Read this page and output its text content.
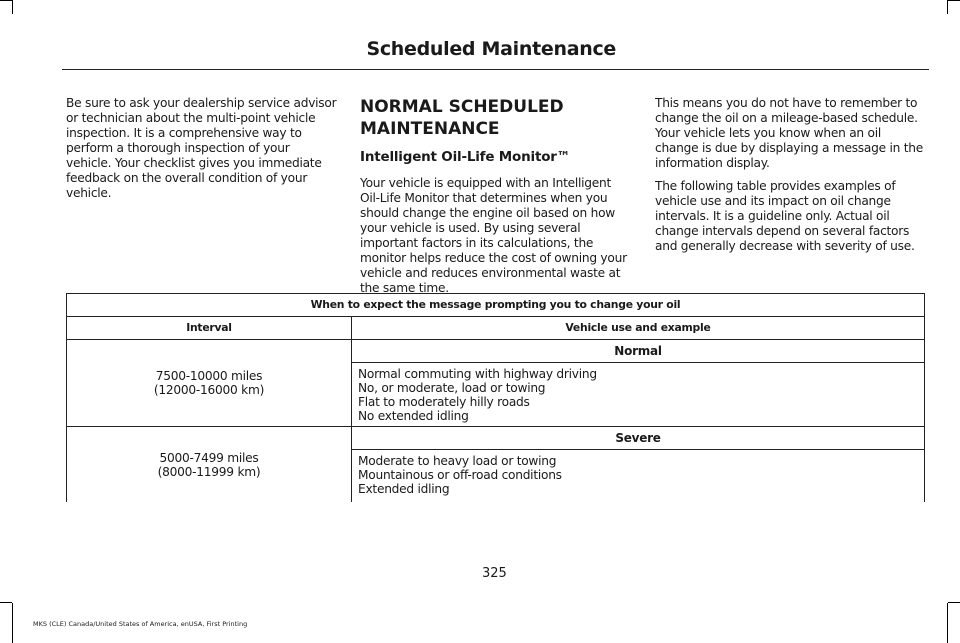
Scheduled Maintenance

Be sure to ask your dealership service advisor or technician about the multi-point vehicle inspection. It is a comprehensive way to perform a thorough inspection of your vehicle. Your checklist gives you immediate feedback on the overall condition of your vehicle.

NORMAL SCHEDULED MAINTENANCE
Intelligent Oil-Life Monitor™

Your vehicle is equipped with an Intelligent Oil-Life Monitor that determines when you should change the engine oil based on how your vehicle is used. By using several important factors in its calculations, the monitor helps reduce the cost of owning your vehicle and reduces environmental waste at the same time.

This means you do not have to remember to change the oil on a mileage-based schedule. Your vehicle lets you know when an oil change is due by displaying a message in the information display.

The following table provides examples of vehicle use and its impact on oil change intervals. It is a guideline only. Actual oil change intervals depend on several factors and generally decrease with severity of use.

When to expect the message prompting you to change your oil	
Interval	Vehicle use and example

7500-10000 miles
(12000-16000 km)	Normal

	Normal commuting with highway driving
No, or moderate, load or towing
Flat to moderately hilly roads
No extended idling

5000-7499 miles
(8000-11999 km)	Severe

	Moderate to heavy load or towing
Mountainous or off-road conditions
Extended idling
325
MKS (CLE) Canada/United States of America, enUSA, First Printing
